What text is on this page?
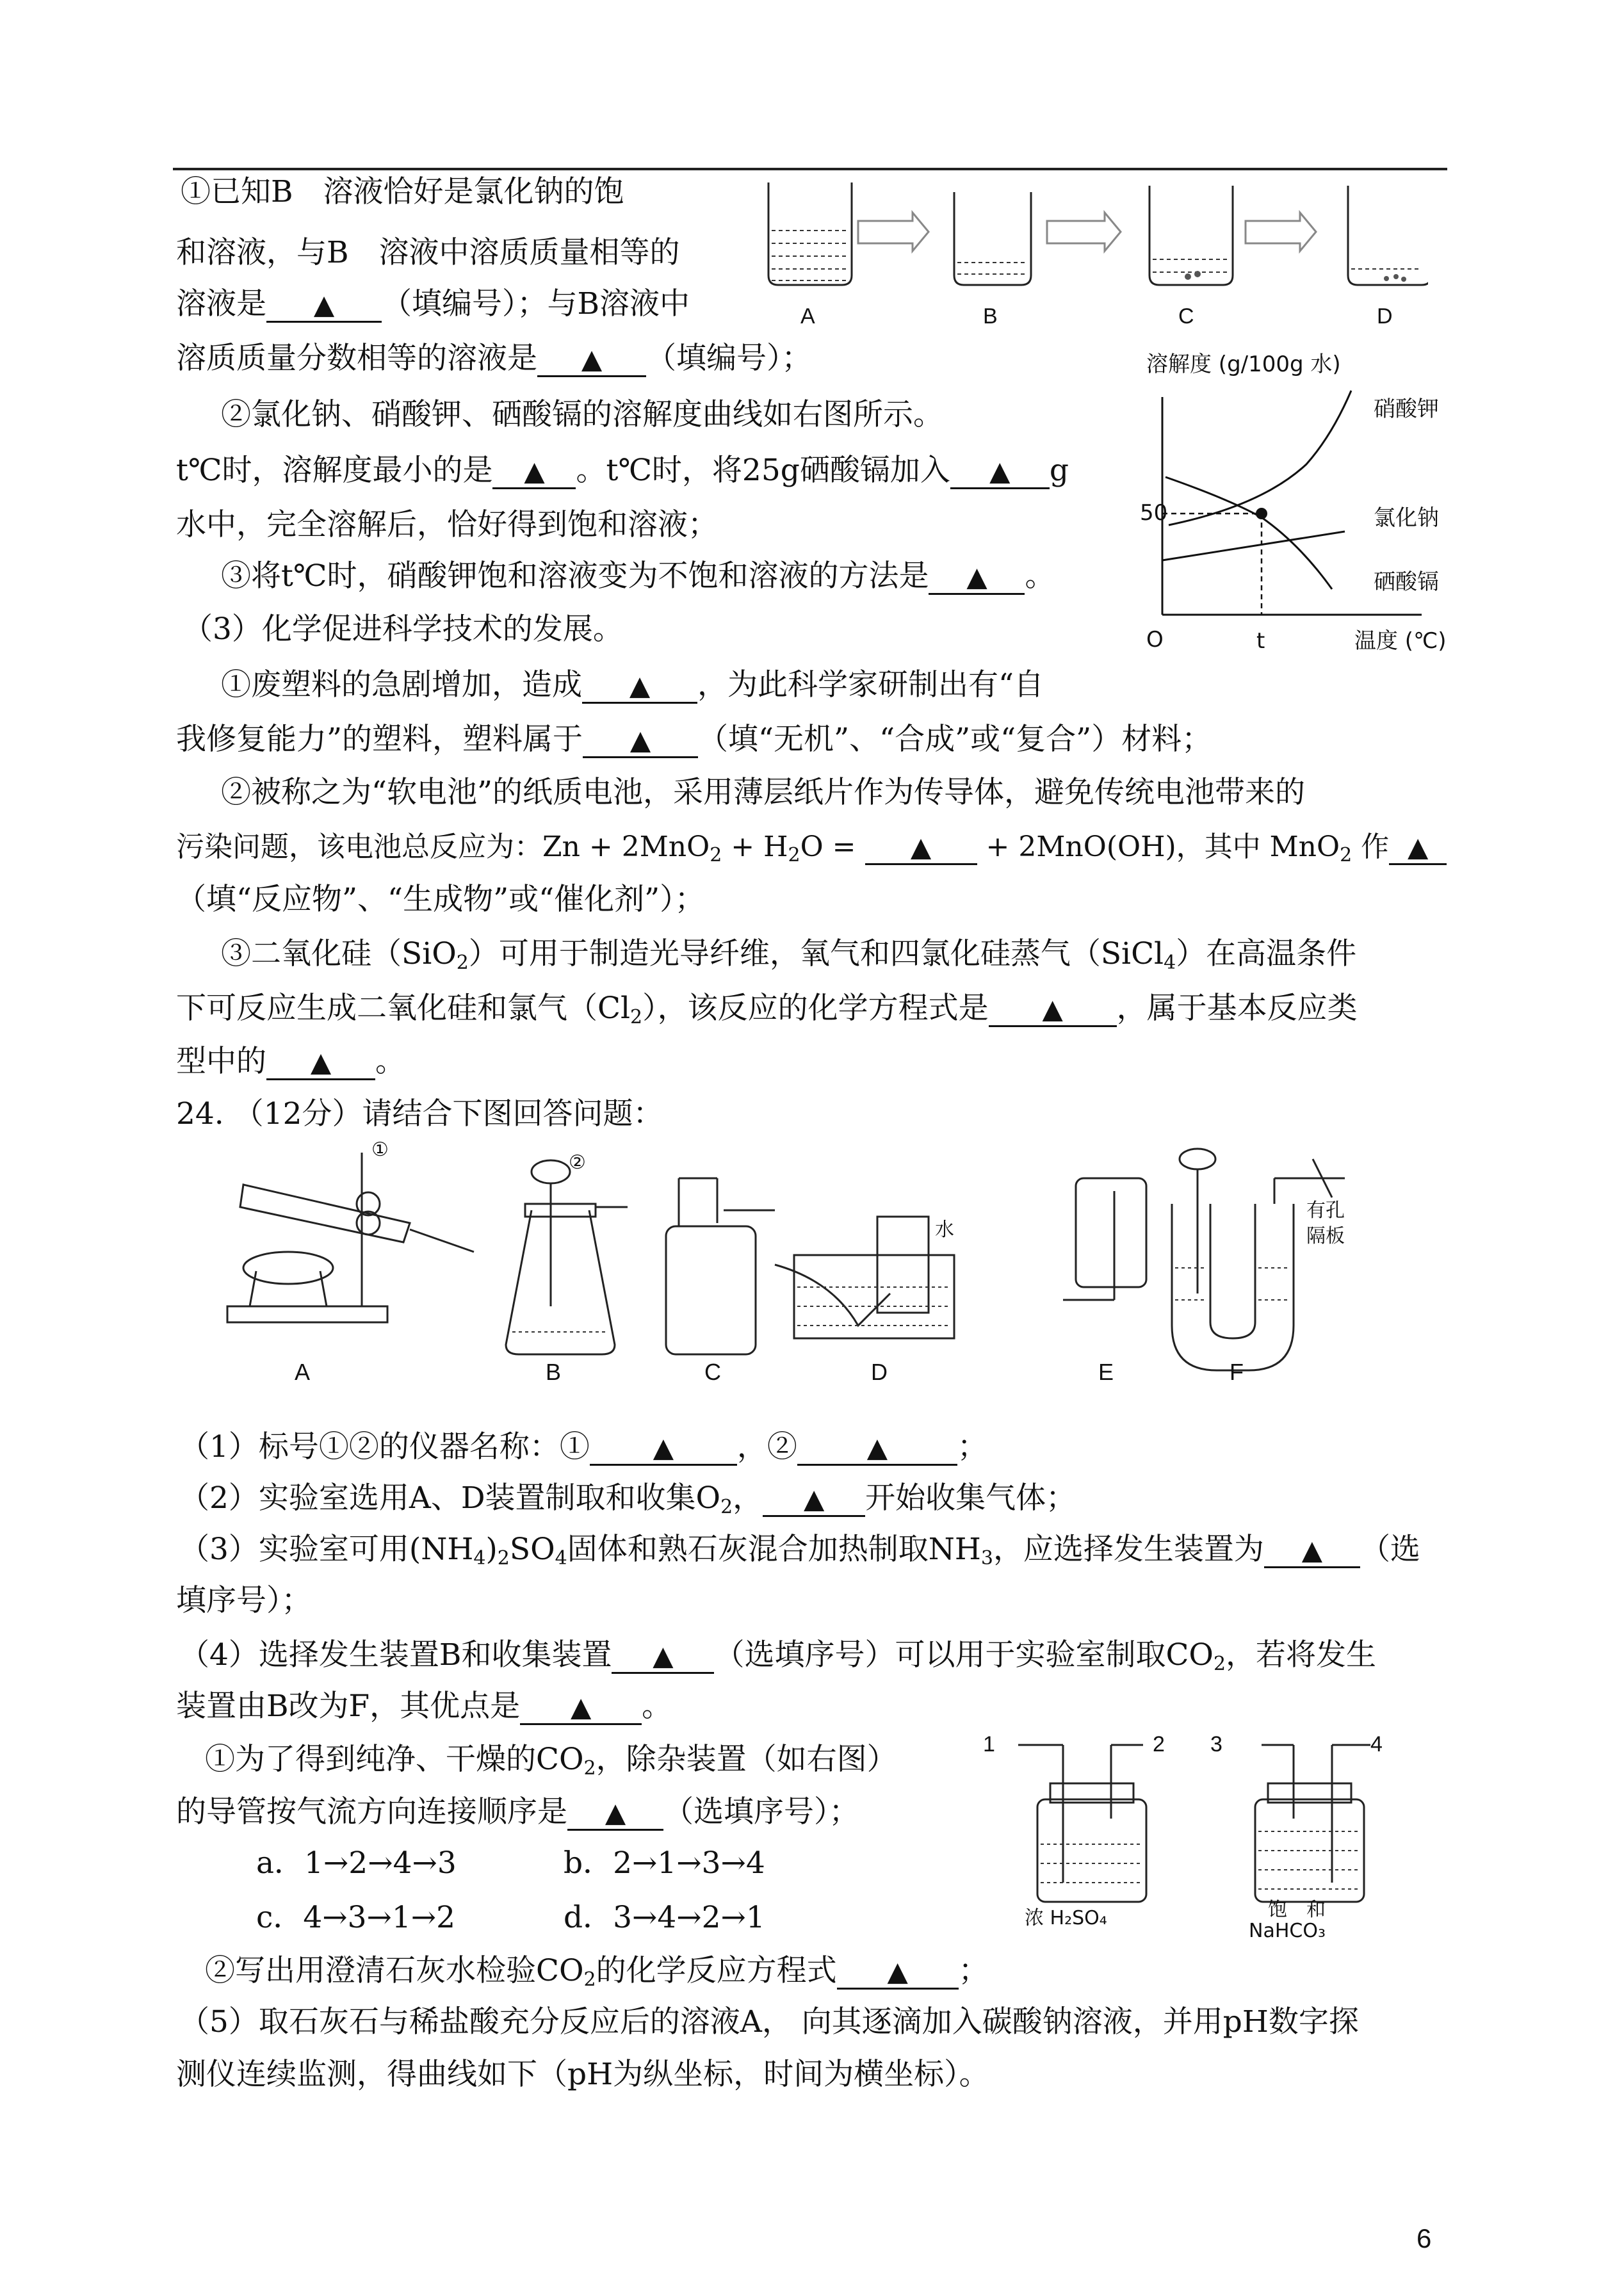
①已知B　溶液恰好是氯化钠的饱
和溶液，与B　溶液中溶质质量相等的
溶液是 ▲ （填编号）；与B溶液中
溶质质量分数相等的溶液是 ▲ （填编号）；
②氯化钠、硝酸钾、硒酸镉的溶解度曲线如右图所示。
t℃时，溶解度最小的是 ▲ 。t℃时，将25g硒酸镉加入 ▲ g
水中，完全溶解后，恰好得到饱和溶液；
③将t℃时，硝酸钾饱和溶液变为不饱和溶液的方法是 ▲ 。
（3）化学促进科学技术的发展。
①废塑料的急剧增加，造成 ▲ ，为此科学家研制出有“自
我修复能力”的塑料，塑料属于 ▲ （填“无机”、“合成”或“复合”）材料；
②被称之为“软电池”的纸质电池，采用薄层纸片作为传导体，避免传统电池带来的
污染问题，该电池总反应为：$Zn + 2MnO_2 + H_2O$ = ▲ + 2MnO(OH)，其中 MnO$_2$ 作 ▲
（填“反应物”、“生成物”或“催化剂”）；
③二氧化硅（SiO$_2$）可用于制造光导纤维，氧气和四氯化硅蒸气（SiCl$_4$）在高温条件
下可反应生成二氧化硅和氯气$(Cl_2)$，该反应的化学方程式是 ▲ ，属于基本反应类
型中的 ▲ 。
A	B	C	D
溶解度 (g/100g 水)
50
O	t	温度 (℃)
硝酸钾
氯化钠
硒酸镉
24. （12分）请结合下图回答问题：
A	B	C	D	E	F
①
②
水
有孔
隔板
（1）标号①②的仪器名称：① ▲ ，②	▲ ；
（2）实验室选用A、D装置制取和收集$O_2$， ▲ 开始收集气体；
（3）实验室可用$(NH_4)_2SO_4$固体和熟石灰混合加热制取$NH_3$，应选择发生装置为 ▲ （选
填序号）；
（4）选择发生装置B和收集装置 ▲ （选填序号）可以用于实验室制取$CO_2$，若将发生
装置由B改为F，其优点是 ▲ 。
①为了得到纯净、干燥的$CO_2$，除杂装置（如右图）
的导管按气流方向连接顺序是 ▲ （选填序号）；
a．1→2→4→3	b．2→1→3→4
c．4→3→1→2	d．3→4→2→1
1	2 3	4
浓 H₂SO₄	饱　和
NaHCO₃
②写出用澄清石灰水检验$CO_2$的化学反应方程式 ▲ ；
（5）取石灰石与稀盐酸充分反应后的溶液A， 向其逐滴加入碳酸钠溶液，并用pH数字探
测仪连续监测，得曲线如下（pH为纵坐标，时间为横坐标）。
6
